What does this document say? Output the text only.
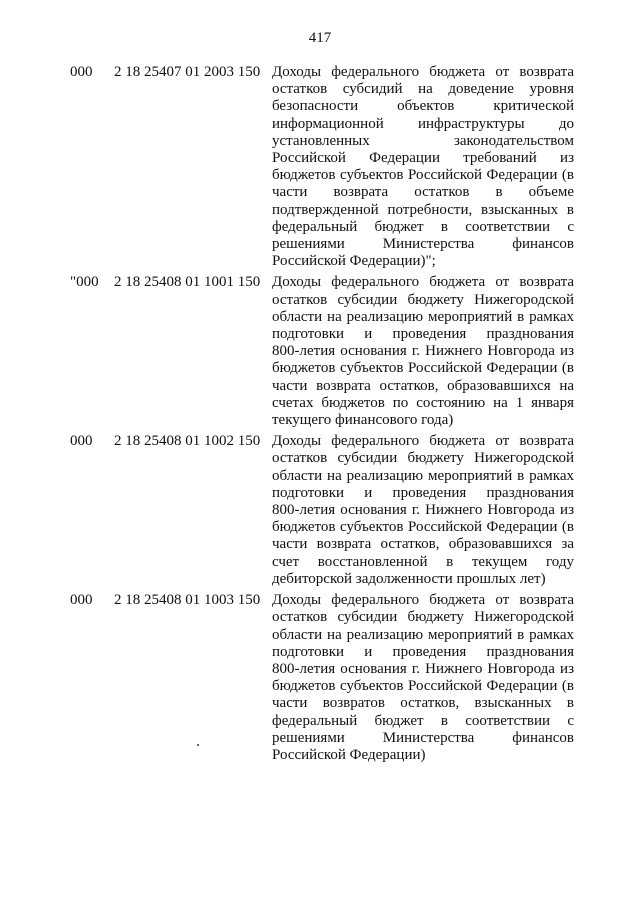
417
000	2 18 25407 01 2003 150 Доходы федерального бюджета от возврата
остатков субсидий на доведение уровня
безопасности объектов критической
информационной инфраструктуры до
установленных законодательством
Российской Федерации требований из
бюджетов субъектов Российской Федерации (в
части возврата остатков в объеме
подтвержденной потребности, взысканных в
федеральный бюджет в соответствии с
решениями Министерства финансов
Российской Федерации)";
"000	2 18 25408 01 1001 150 Доходы федерального бюджета от возврата
остатков субсидии бюджету Нижегородской
области на реализацию мероприятий в рамках
подготовки и проведения празднования
800-летия основания г. Нижнего Новгорода из
бюджетов субъектов Российской Федерации (в
части возврата остатков, образовавшихся на
счетах бюджетов по состоянию на 1 января
текущего финансового года)
000	2 18 25408 01 1002 150 Доходы федерального бюджета от возврата
остатков субсидии бюджету Нижегородской
области на реализацию мероприятий в рамках
подготовки и проведения празднования
800-летия основания г. Нижнего Новгорода из
бюджетов субъектов Российской Федерации (в
части возврата остатков, образовавшихся за
счет восстановленной в текущем году
дебиторской задолженности прошлых лет)
000	2 18 25408 01 1003 150 Доходы федерального бюджета от возврата
остатков субсидии бюджету Нижегородской
области на реализацию мероприятий в рамках
подготовки и проведения празднования
800-летия основания г. Нижнего Новгорода из
бюджетов субъектов Российской Федерации (в
части возвратов остатков, взысканных в
федеральный бюджет в соответствии с
решениями Министерства финансов
Российской Федерации)
